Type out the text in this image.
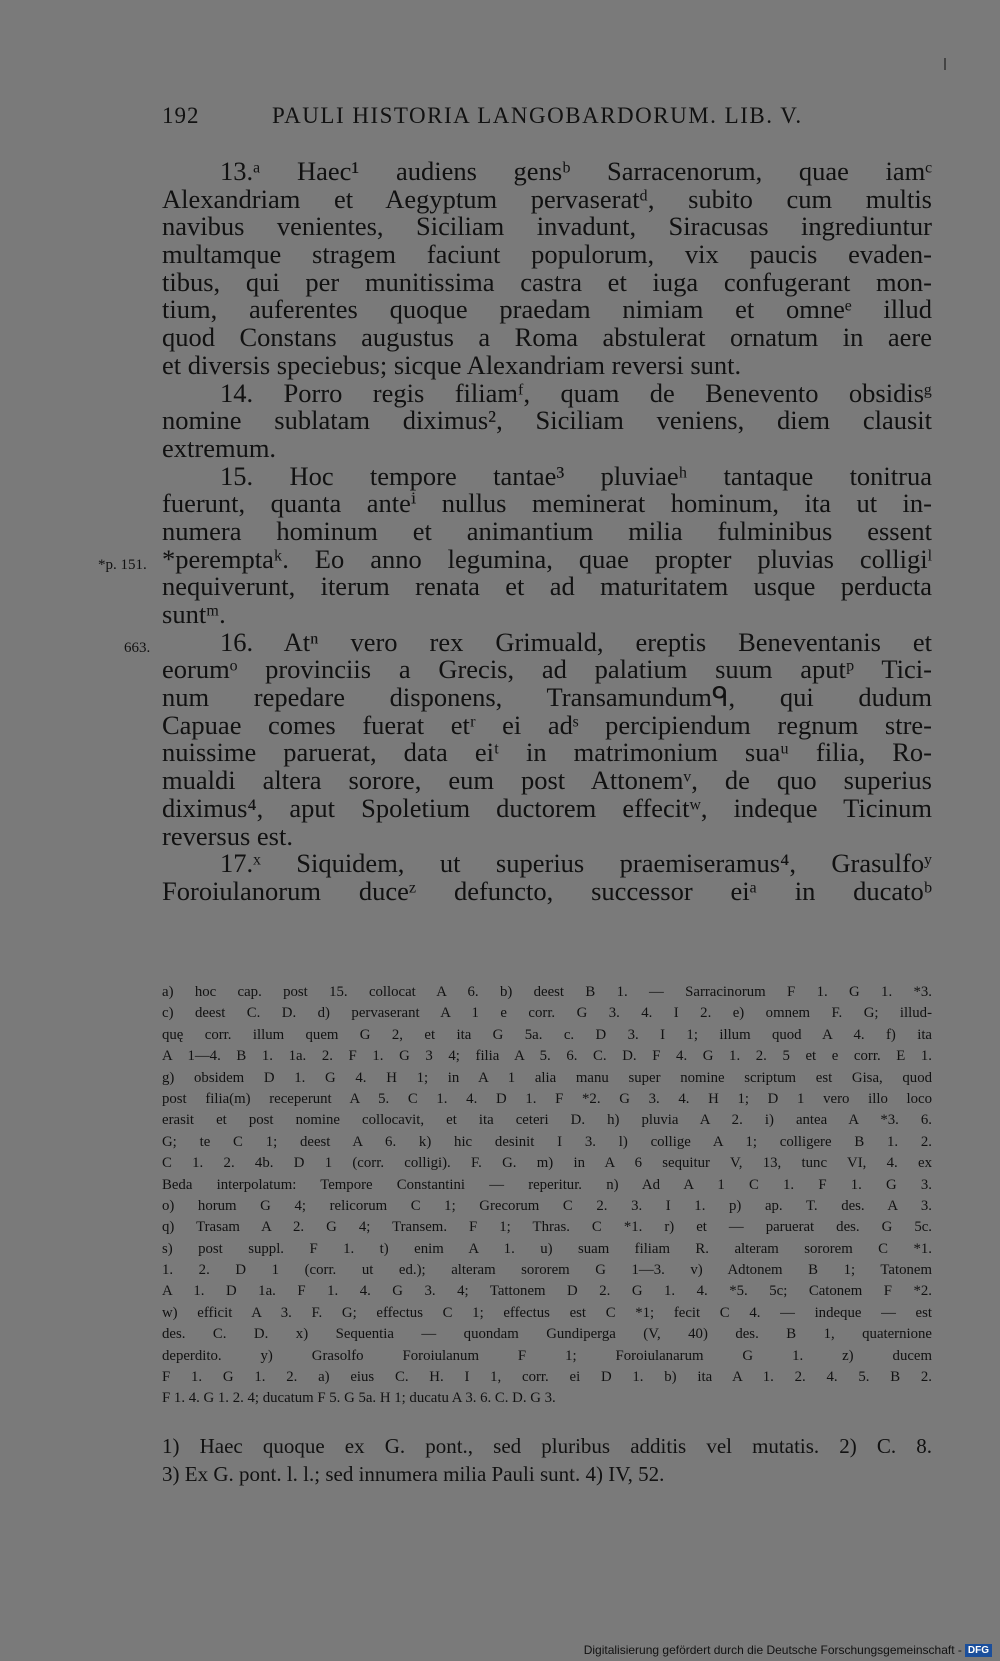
192	PAULI HISTORIA LANGOBARDORUM. LIB. V.
13.ᵃ Haec¹ audiens gensᵇ Sarracenorum, quae iamᶜ
Alexandriam et Aegyptum pervaseratᵈ, subito cum multis
navibus venientes, Siciliam invadunt, Siracusas ingrediuntur
multamque stragem faciunt populorum, vix paucis evaden-
tibus, qui per munitissima castra et iuga confugerant mon-
tium, auferentes quoque praedam nimiam et omneᵉ illud
quod Constans augustus a Roma abstulerat ornatum in aere
et diversis speciebus; sicque Alexandriam reversi sunt.
14. Porro regis filiamᶠ, quam de Benevento obsidisᵍ
nomine sublatam diximus², Siciliam veniens, diem clausit
extremum.
15. Hoc tempore tantae³ pluviaeʰ tantaque tonitrua
fuerunt, quanta anteⁱ nullus meminerat hominum, ita ut in-
numera hominum et animantium milia fulminibus essent
*p. 151. *peremptaᵏ. Eo anno legumina, quae propter pluvias colligiˡ
nequiverunt, iterum renata et ad maturitatem usque perducta
suntᵐ.
663.	16. Atⁿ vero rex Grimuald, ereptis Beneventanis et
eorumᵒ provinciis a Grecis, ad palatium suum aputᵖ Tici-
num repedare disponens, Transamundumᑫ, qui dudum
Capuae comes fuerat etʳ ei adˢ percipiendum regnum stre-
nuissime paruerat, data eiᵗ in matrimonium suaᵘ filia, Ro-
mualdi altera sorore, eum post Attonemᵛ, de quo superius
diximus⁴, aput Spoletium ductorem effecitʷ, indeque Ticinum
reversus est.
17.ˣ Siquidem, ut superius praemiseramus⁴, Grasulfoʸ
Foroiulanorum duceᶻ defuncto, successor eiᵃ in ducatoᵇ
a) hoc cap. post 15. collocat A 6. b) deest B 1. — Sarracinorum F 1. G 1. *3.
c) deest C. D. d) pervaserant A 1 e corr. G 3. 4. I 2. e) omnem F. G; illud-
quę corr. illum quem G 2, et ita G 5a. c. D 3. I 1; illum quod A 4. f) ita
A 1—4. B 1. 1a. 2. F 1. G 3 4; filia A 5. 6. C. D. F 4. G 1. 2. 5 et e corr. E 1.
g) obsidem D 1. G 4. H 1; in A 1 alia manu super nomine scriptum est Gisa, quod
post filia(m) receperunt A 5. C 1. 4. D 1. F *2. G 3. 4. H 1; D 1 vero illo loco
erasit et post nomine collocavit, et ita ceteri D. h) pluvia A 2. i) antea A *3. 6.
G; te C 1; deest A 6. k) hic desinit I 3. l) collige A 1; colligere B 1. 2.
C 1. 2. 4b. D 1 (corr. colligi). F. G. m) in A 6 sequitur V, 13, tunc VI, 4. ex
Beda interpolatum: Tempore Constantini — reperitur. n) Ad A 1 C 1. F 1. G 3.
o) horum G 4; relicorum C 1; Grecorum C 2. 3. I 1. p) ap. T. des. A 3.
q) Trasam A 2. G 4; Transem. F 1; Thras. C *1. r) et — paruerat des. G 5c.
s) post suppl. F 1. t) enim A 1. u) suam filiam R. alteram sororem C *1.
1. 2. D 1 (corr. ut ed.); alteram sororem G 1—3. v) Adtonem B 1; Tatonem
A 1. D 1a. F 1. 4. G 3. 4; Tattonem D 2. G 1. 4. *5. 5c; Catonem F *2.
w) efficit A 3. F. G; effectus C 1; effectus est C *1; fecit C 4. — indeque — est
des. C. D. x) Sequentia — quondam Gundiperga (V, 40) des. B 1, quaternione
deperdito. y) Grasolfo Foroiulanum F 1; Foroiulanarum G 1. z) ducem
F 1. G 1. 2. a) eius C. H. I 1, corr. ei D 1. b) ita A 1. 2. 4. 5. B 2.
F 1. 4. G 1. 2. 4; ducatum F 5. G 5a. H 1; ducatu A 3. 6. C. D. G 3.
1) Haec quoque ex G. pont., sed pluribus additis vel mutatis. 2) C. 8.
3) Ex G. pont. l. l.; sed innumera milia Pauli sunt. 4) IV, 52.
Digitalisierung gefördert durch die Deutsche Forschungsgemeinschaft - DFG
